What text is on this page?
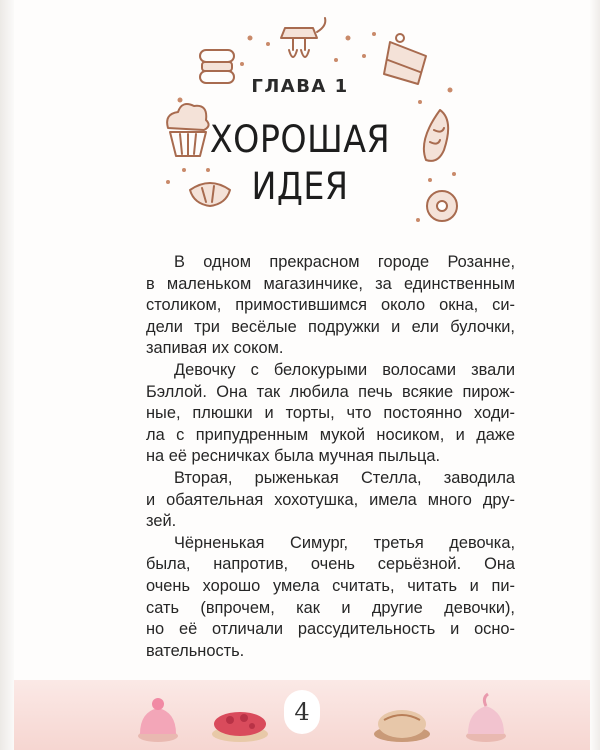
ГЛАВА 1
ХОРОШАЯ
ИДЕЯ
В одном прекрасном городе Розанне,
в маленьком магазинчике, за единственным
столиком, примостившимся около окна, си-
дели три весёлые подружки и ели булочки,
запивая их соком.
Девочку с белокурыми волосами звали
Бэллой. Она так любила печь всякие пирож-
ные, плюшки и торты, что постоянно ходи-
ла с припудренным мукой носиком, и даже
на её ресничках была мучная пыльца.
Вторая, рыженькая Стелла, заводила
и обаятельная хохотушка, имела много дру-
зей.
Чёрненькая Симург, третья девочка,
была, напротив, очень серьёзной. Она
очень хорошо умела считать, читать и пи-
сать (впрочем, как и другие девочки),
но её отличали рассудительность и осно-
вательность.
4
